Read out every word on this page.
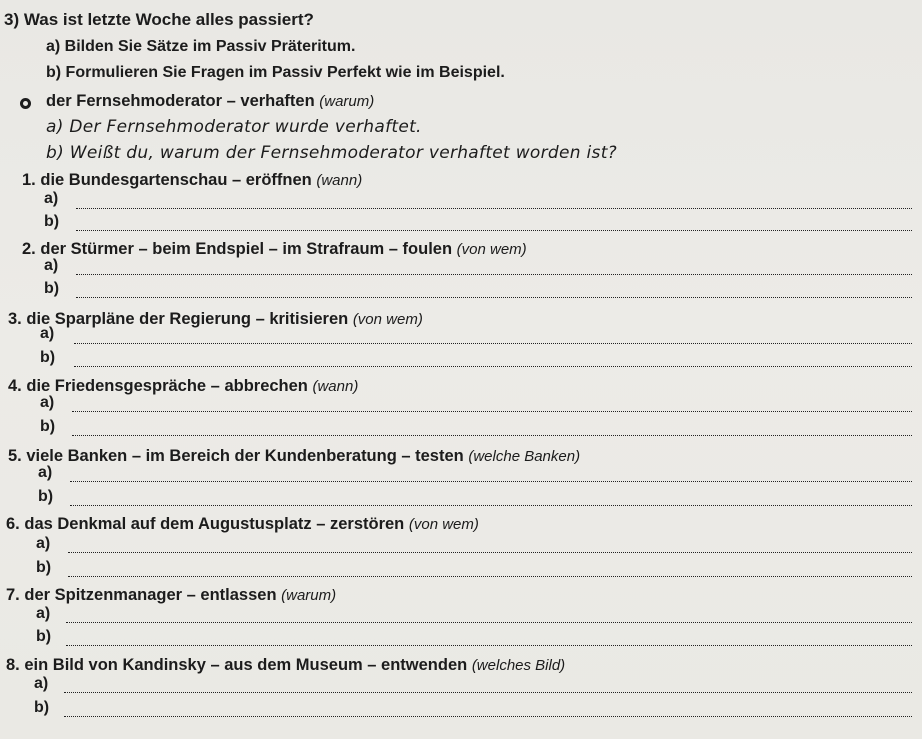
3) Was ist letzte Woche alles passiert?
a) Bilden Sie Sätze im Passiv Präteritum.
b) Formulieren Sie Fragen im Passiv Perfekt wie im Beispiel.
der Fernsehmoderator – verhaften (warum)
a) Der Fernsehmoderator wurde verhaftet.
b) Weißt du, warum der Fernsehmoderator verhaftet worden ist?
1. die Bundesgartenschau – eröffnen (wann)
a)
b)
2. der Stürmer – beim Endspiel – im Strafraum – foulen (von wem)
a)
b)
3. die Sparpläne der Regierung – kritisieren (von wem)
a)
b)
4. die Friedensgespräche – abbrechen (wann)
a)
b)
5. viele Banken – im Bereich der Kundenberatung – testen (welche Banken)
a)
b)
6. das Denkmal auf dem Augustusplatz – zerstören (von wem)
a)
b)
7. der Spitzenmanager – entlassen (warum)
a)
b)
8. ein Bild von Kandinsky – aus dem Museum – entwenden (welches Bild)
a)
b)
